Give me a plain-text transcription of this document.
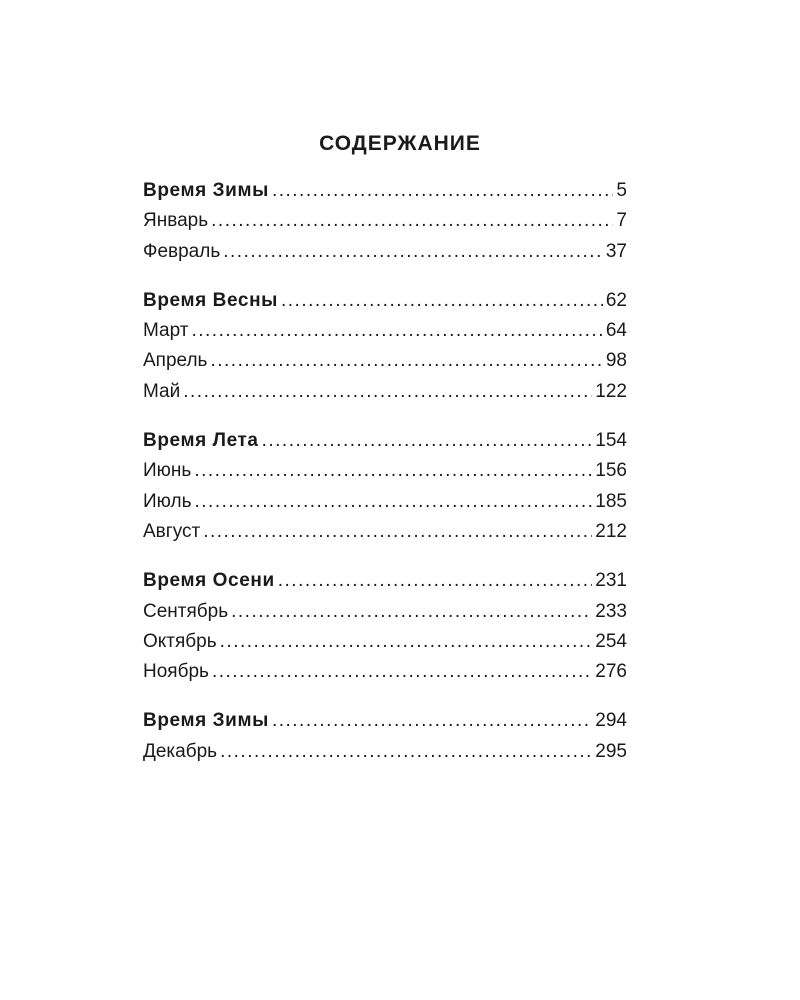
СОДЕРЖАНИЕ
Время Зимы .....	5
Январь .....	7
Февраль .....	37
Время Весны .....	62
Март .....	64
Апрель .....	98
Май .....	122
Время Лета .....	154
Июнь .....	156
Июль .....	185
Август .....	212
Время Осени .....	231
Сентябрь .....	233
Октябрь .....	254
Ноябрь .....	276
Время Зимы .....	294
Декабрь .....	295
